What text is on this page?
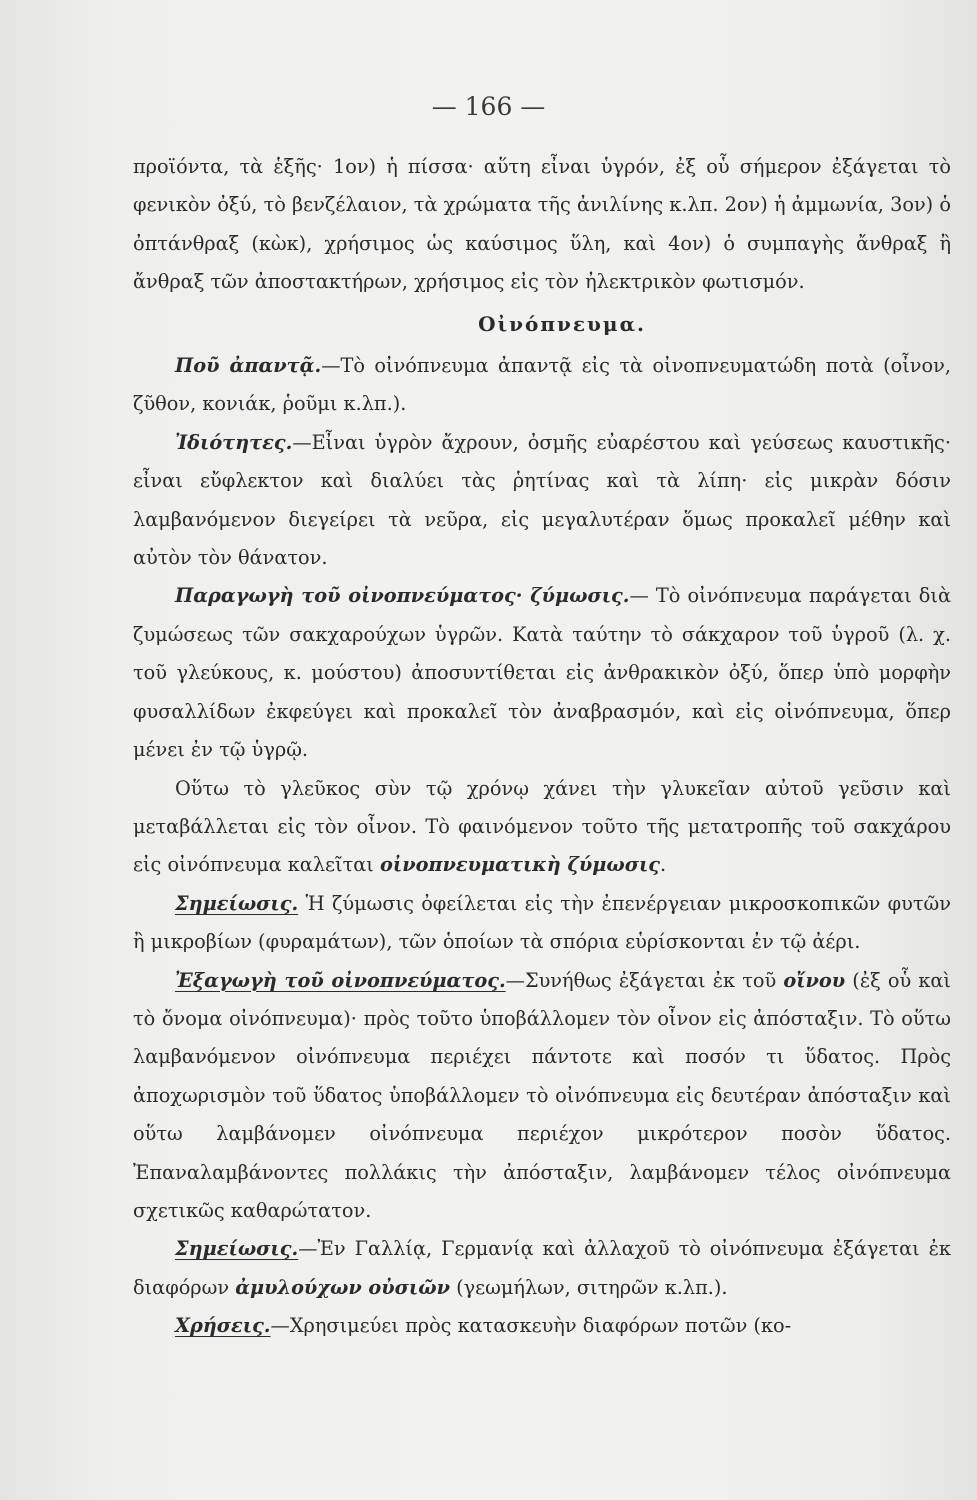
— 166 —

προϊόντα, τὰ ἑξῆς· 1ον) ἡ πίσσα· αὕτη εἶναι ὑγρόν, ἐξ οὗ σήμερον ἐξάγεται τὸ φενικὸν ὀξύ, τὸ βενζέλαιον, τὰ χρώματα τῆς ἀνιλίνης κ.λπ. 2ον) ἡ ἀμμωνία, 3ον) ὁ ὀπτάνθραξ (κὼκ), χρήσιμος ὡς καύσιμος ὕλη, καὶ 4ον) ὁ συμπαγὴς ἄνθραξ ἢ ἄνθραξ τῶν ἀποστακτήρων, χρήσιμος εἰς τὸν ἠλεκτρικὸν φωτισμόν.

Οἰνόπνευμα.

Ποῦ ἀπαντᾷ.—Τὸ οἰνόπνευμα ἀπαντᾷ εἰς τὰ οἰνοπνευματώδη ποτὰ (οἶνον, ζῦθον, κονιάκ, ῥοῦμι κ.λπ.).

Ἰδιότητες.—Εἶναι ὑγρὸν ἄχρουν, ὀσμῆς εὐαρέστου καὶ γεύσεως καυστικῆς· εἶναι εὔφλεκτον καὶ διαλύει τὰς ῥητίνας καὶ τὰ λίπη· εἰς μικρὰν δόσιν λαμβανόμενον διεγείρει τὰ νεῦρα, εἰς μεγαλυτέραν ὅμως προκαλεῖ μέθην καὶ αὐτὸν τὸν θάνατον.

Παραγωγὴ τοῦ οἰνοπνεύματος· ζύμωσις.— Τὸ οἰνόπνευμα παράγεται διὰ ζυμώσεως τῶν σακχαρούχων ὑγρῶν. Κατὰ ταύτην τὸ σάκχαρον τοῦ ὑγροῦ (λ. χ. τοῦ γλεύκους, κ. μούστου) ἀποσυντίθεται εἰς ἀνθρακικὸν ὀξύ, ὅπερ ὑπὸ μορφὴν φυσαλλίδων ἐκφεύγει καὶ προκαλεῖ τὸν ἀναβρασμόν, καὶ εἰς οἰνόπνευμα, ὅπερ μένει ἐν τῷ ὑγρῷ.

Οὕτω τὸ γλεῦκος σὺν τῷ χρόνῳ χάνει τὴν γλυκεῖαν αὐτοῦ γεῦσιν καὶ μεταβάλλεται εἰς τὸν οἶνον. Τὸ φαινόμενον τοῦτο τῆς μετατροπῆς τοῦ σακχάρου εἰς οἰνόπνευμα καλεῖται οἰνοπνευματικὴ ζύμωσις.

Σημείωσις. Ἡ ζύμωσις ὀφείλεται εἰς τὴν ἐπενέργειαν μικροσκοπικῶν φυτῶν ἢ μικροβίων (φυραμάτων), τῶν ὁποίων τὰ σπόρια εὑρίσκονται ἐν τῷ ἀέρι.

Ἐξαγωγὴ τοῦ οἰνοπνεύματος.—Συνήθως ἐξάγεται ἐκ τοῦ οἴνου (ἐξ οὗ καὶ τὸ ὄνομα οἰνόπνευμα)· πρὸς τοῦτο ὑποβάλλομεν τὸν οἶνον εἰς ἀπόσταξιν. Τὸ οὕτω λαμβανόμενον οἰνόπνευμα περιέχει πάντοτε καὶ ποσόν τι ὕδατος. Πρὸς ἀποχωρισμὸν τοῦ ὕδατος ὑποβάλλομεν τὸ οἰνόπνευμα εἰς δευτέραν ἀπόσταξιν καὶ οὕτω λαμβάνομεν οἰνόπνευμα περιέχον μικρότερον ποσὸν ὕδατος. Ἐπαναλαμβάνοντες πολλάκις τὴν ἀπόσταξιν, λαμβάνομεν τέλος οἰνόπνευμα σχετικῶς καθαρώτατον.

Σημείωσις.—Ἐν Γαλλίᾳ, Γερμανίᾳ καὶ ἀλλαχοῦ τὸ οἰνόπνευμα ἐξάγεται ἐκ διαφόρων ἀμυλούχων οὐσιῶν (γεωμήλων, σιτηρῶν κ.λπ.).

Χρήσεις.—Χρησιμεύει πρὸς κατασκευὴν διαφόρων ποτῶν (κο-
